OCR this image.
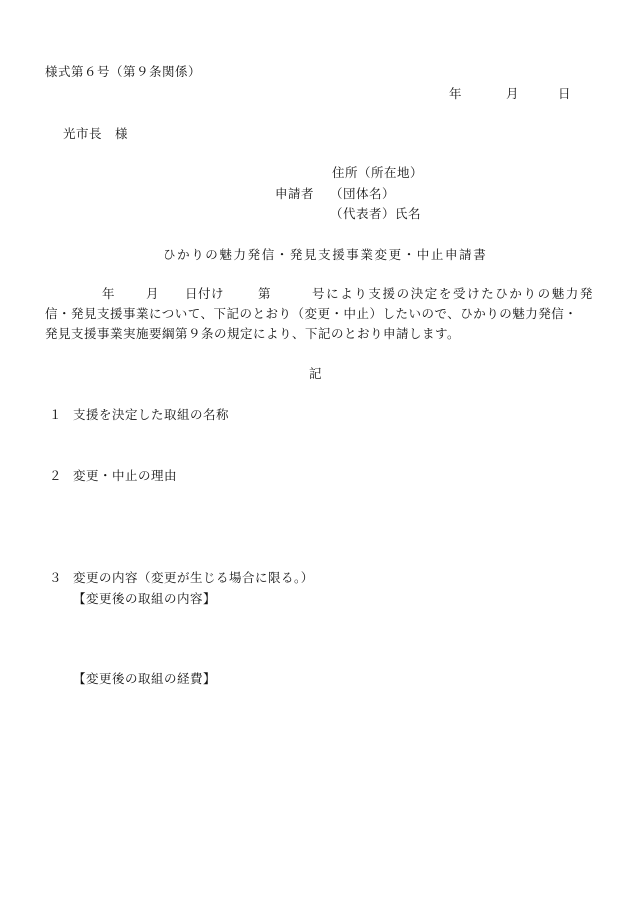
様式第６号（第９条関係）
年	月	日
光市長　様
住所（所在地）
申請者 （団体名）
（代表者）氏名
ひかりの魅力発信・発見支援事業変更・中止申請書
年 月 日付け	第	号により支援の決定を受けたひかりの魅力発
信・発見支援事業について、下記のとおり（変更・中止）したいので、ひかりの魅力発信・
発見支援事業実施要綱第９条の規定により、下記のとおり申請します。
記
１ 支援を決定した取組の名称
２ 変更・中止の理由
３ 変更の内容（変更が生じる場合に限る。）
【変更後の取組の内容】
【変更後の取組の経費】
